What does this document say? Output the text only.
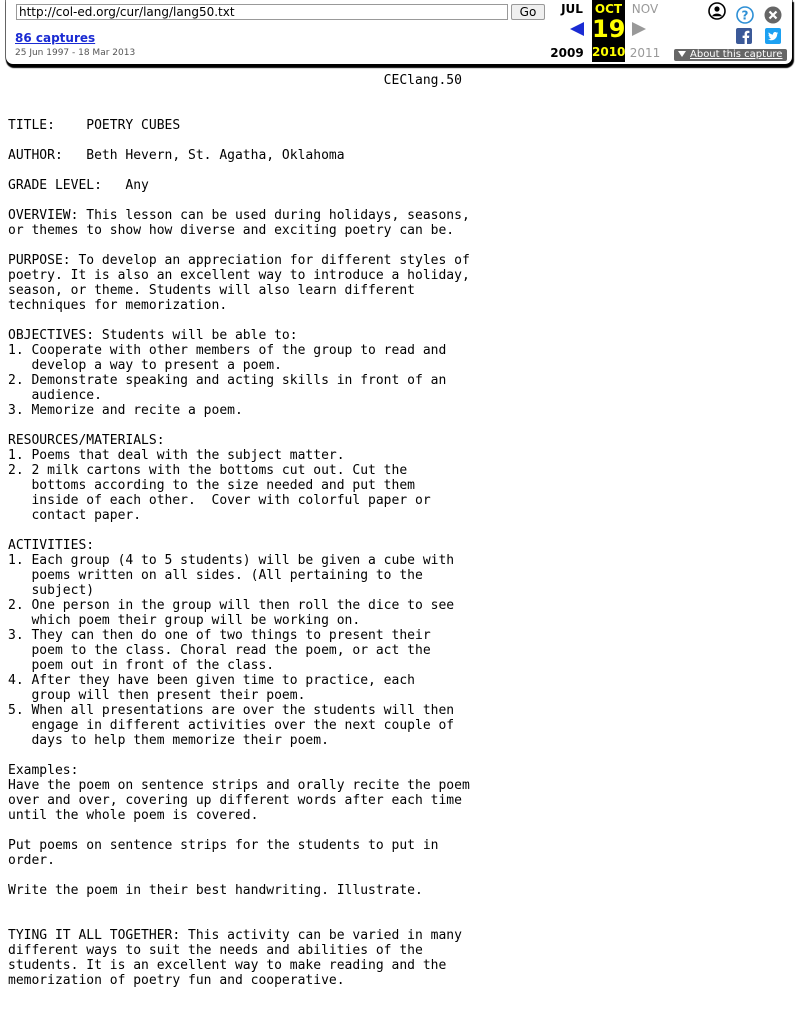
http://col-ed.org/cur/lang/lang50.txt
Go
86 captures
25 Jun 1997 - 18 Mar 2013
JUL OCT
19
2010
NOV
2009	2011
?
About this capture
CEClang.50

TITLE:    POETRY CUBES

AUTHOR:   Beth Hevern, St. Agatha, Oklahoma

GRADE LEVEL:   Any

OVERVIEW: This lesson can be used during holidays, seasons,
or themes to show how diverse and exciting poetry can be.

PURPOSE: To develop an appreciation for different styles of
poetry. It is also an excellent way to introduce a holiday,
season, or theme. Students will also learn different
techniques for memorization.

OBJECTIVES: Students will be able to:
1. Cooperate with other members of the group to read and
develop a way to present a poem.
2. Demonstrate speaking and acting skills in front of an
audience.
3. Memorize and recite a poem.

RESOURCES/MATERIALS:
1. Poems that deal with the subject matter.
2. 2 milk cartons with the bottoms cut out. Cut the
bottoms according to the size needed and put them
inside of each other.  Cover with colorful paper or
contact paper.

ACTIVITIES:
1. Each group (4 to 5 students) will be given a cube with
poems written on all sides. (All pertaining to the
subject)
2. One person in the group will then roll the dice to see
which poem their group will be working on.
3. They can then do one of two things to present their
poem to the class. Choral read the poem, or act the
poem out in front of the class.
4. After they have been given time to practice, each
group will then present their poem.
5. When all presentations are over the students will then
engage in different activities over the next couple of
days to help them memorize their poem.

Examples:
Have the poem on sentence strips and orally recite the poem
over and over, covering up different words after each time
until the whole poem is covered.

Put poems on sentence strips for the students to put in
order.

Write the poem in their best handwriting. Illustrate.

TYING IT ALL TOGETHER: This activity can be varied in many
different ways to suit the needs and abilities of the
students. It is an excellent way to make reading and the
memorization of poetry fun and cooperative.
